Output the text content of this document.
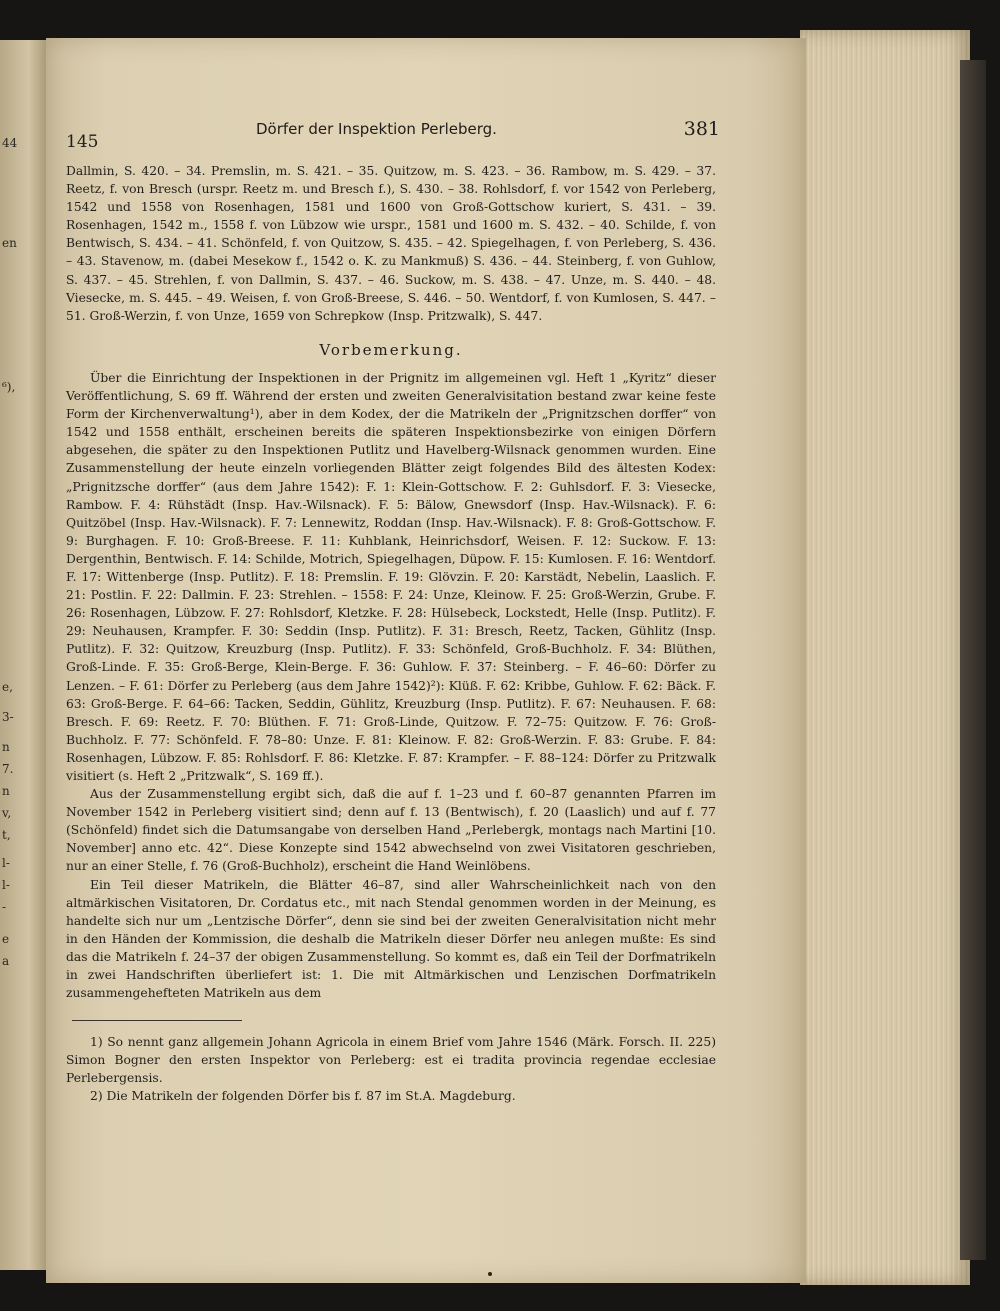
44
en
⁶),
e,
3-
n
7.
n
v,
t,
l-
l-
-
e
a
145
Dörfer der Inspektion Perleberg.	381

Dallmin, S. 420. – 34. Premslin, m. S. 421. – 35. Quitzow, m. S. 423. – 36. Rambow, m. S. 429. – 37. Reetz, f. von Bresch (urspr. Reetz m. und Bresch f.), S. 430. – 38. Rohlsdorf, f. vor 1542 von Perleberg, 1542 und 1558 von Rosenhagen, 1581 und 1600 von Groß-Gottschow kuriert, S. 431. – 39. Rosenhagen, 1542 m., 1558 f. von Lübzow wie urspr., 1581 und 1600 m. S. 432. – 40. Schilde, f. von Bentwisch, S. 434. – 41. Schönfeld, f. von Quitzow, S. 435. – 42. Spiegelhagen, f. von Perleberg, S. 436. – 43. Stavenow, m. (dabei Mesekow f., 1542 o. K. zu Mankmuß) S. 436. – 44. Steinberg, f. von Guhlow, S. 437. – 45. Strehlen, f. von Dallmin, S. 437. – 46. Suckow, m. S. 438. – 47. Unze, m. S. 440. – 48. Viesecke, m. S. 445. – 49. Weisen, f. von Groß-Breese, S. 446. – 50. Wentdorf, f. von Kumlosen, S. 447. – 51. Groß-Werzin, f. von Unze, 1659 von Schrepkow (Insp. Pritzwalk), S. 447.

Vorbemerkung.

Über die Einrichtung der Inspektionen in der Prignitz im allgemeinen vgl. Heft 1 „Kyritz“ dieser Veröffentlichung, S. 69 ff. Während der ersten und zweiten Generalvisitation bestand zwar keine feste Form der Kirchenverwaltung¹), aber in dem Kodex, der die Matrikeln der „Prignitzschen dorffer“ von 1542 und 1558 enthält, erscheinen bereits die späteren Inspektionsbezirke von einigen Dörfern abgesehen, die später zu den Inspektionen Putlitz und Havelberg-Wilsnack genommen wurden. Eine Zusammenstellung der heute einzeln vorliegenden Blätter zeigt folgendes Bild des ältesten Kodex: „Prignitzsche dorffer“ (aus dem Jahre 1542): F. 1: Klein-Gottschow. F. 2: Guhlsdorf. F. 3: Viesecke, Rambow. F. 4: Rühstädt (Insp. Hav.-Wilsnack). F. 5: Bälow, Gnewsdorf (Insp. Hav.-Wilsnack). F. 6: Quitzöbel (Insp. Hav.-Wilsnack). F. 7: Lennewitz, Roddan (Insp. Hav.-Wilsnack). F. 8: Groß-Gottschow. F. 9: Burghagen. F. 10: Groß-Breese. F. 11: Kuhblank, Heinrichsdorf, Weisen. F. 12: Suckow. F. 13: Dergenthin, Bentwisch. F. 14: Schilde, Motrich, Spiegelhagen, Düpow. F. 15: Kumlosen. F. 16: Wentdorf. F. 17: Wittenberge (Insp. Putlitz). F. 18: Premslin. F. 19: Glövzin. F. 20: Karstädt, Nebelin, Laaslich. F. 21: Postlin. F. 22: Dallmin. F. 23: Strehlen. – 1558: F. 24: Unze, Kleinow. F. 25: Groß-Werzin, Grube. F. 26: Rosenhagen, Lübzow. F. 27: Rohlsdorf, Kletzke. F. 28: Hülsebeck, Lockstedt, Helle (Insp. Putlitz). F. 29: Neuhausen, Krampfer. F. 30: Seddin (Insp. Putlitz). F. 31: Bresch, Reetz, Tacken, Gühlitz (Insp. Putlitz). F. 32: Quitzow, Kreuzburg (Insp. Putlitz). F. 33: Schönfeld, Groß-Buchholz. F. 34: Blüthen, Groß-Linde. F. 35: Groß-Berge, Klein-Berge. F. 36: Guhlow. F. 37: Steinberg. – F. 46–60: Dörfer zu Lenzen. – F. 61: Dörfer zu Perleberg (aus dem Jahre 1542)²): Klüß. F. 62: Kribbe, Guhlow. F. 62: Bäck. F. 63: Groß-Berge. F. 64–66: Tacken, Seddin, Gühlitz, Kreuzburg (Insp. Putlitz). F. 67: Neuhausen. F. 68: Bresch. F. 69: Reetz. F. 70: Blüthen. F. 71: Groß-Linde, Quitzow. F. 72–75: Quitzow. F. 76: Groß-Buchholz. F. 77: Schönfeld. F. 78–80: Unze. F. 81: Kleinow. F. 82: Groß-Werzin. F. 83: Grube. F. 84: Rosenhagen, Lübzow. F. 85: Rohlsdorf. F. 86: Kletzke. F. 87: Krampfer. – F. 88–124: Dörfer zu Pritzwalk visitiert (s. Heft 2 „Pritzwalk“, S. 169 ff.).

Aus der Zusammenstellung ergibt sich, daß die auf f. 1–23 und f. 60–87 genannten Pfarren im November 1542 in Perleberg visitiert sind; denn auf f. 13 (Bentwisch), f. 20 (Laaslich) und auf f. 77 (Schönfeld) findet sich die Datumsangabe von derselben Hand „Perlebergk, montags nach Martini [10. November] anno etc. 42“. Diese Konzepte sind 1542 abwechselnd von zwei Visitatoren geschrieben, nur an einer Stelle, f. 76 (Groß-Buchholz), erscheint die Hand Weinlöbens.

Ein Teil dieser Matrikeln, die Blätter 46–87, sind aller Wahrscheinlichkeit nach von den altmärkischen Visitatoren, Dr. Cordatus etc., mit nach Stendal genommen worden in der Meinung, es handelte sich nur um „Lentzische Dörfer“, denn sie sind bei der zweiten Generalvisitation nicht mehr in den Händen der Kommission, die deshalb die Matrikeln dieser Dörfer neu anlegen mußte: Es sind das die Matrikeln f. 24–37 der obigen Zusammenstellung. So kommt es, daß ein Teil der Dorfmatrikeln in zwei Handschriften überliefert ist: 1. Die mit Altmärkischen und Lenzischen Dorfmatrikeln zusammengehefteten Matrikeln aus dem

1) So nennt ganz allgemein Johann Agricola in einem Brief vom Jahre 1546 (Märk. Forsch. II. 225) Simon Bogner den ersten Inspektor von Perleberg: est ei tradita provincia regendae ecclesiae Perlebergensis.

2) Die Matrikeln der folgenden Dörfer bis f. 87 im St.A. Magdeburg.
